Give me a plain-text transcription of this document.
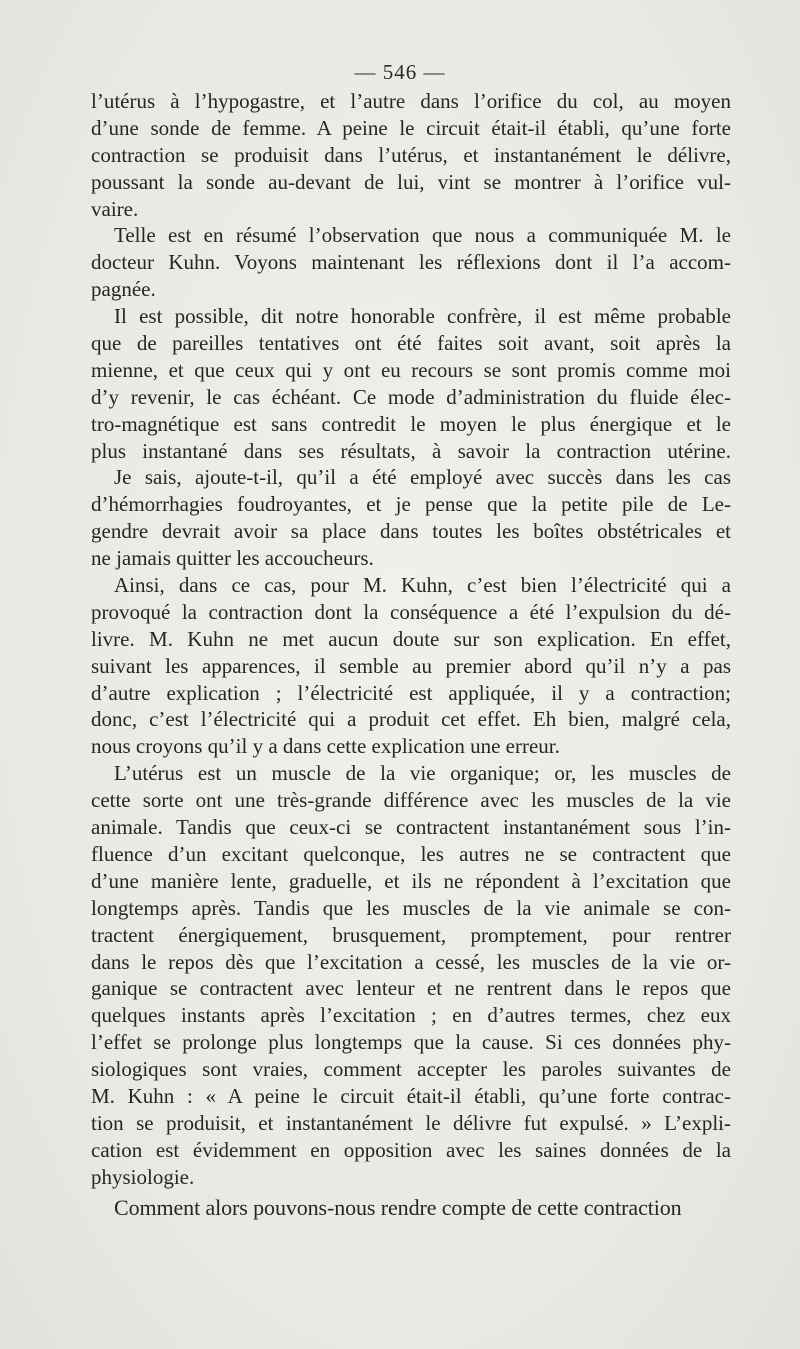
— 546 —
l’utérus à l’hypogastre, et l’autre dans l’orifice du col, au moyen
d’une sonde de femme. A peine le circuit était-il établi, qu’une forte
contraction se produisit dans l’utérus, et instantanément le délivre,
poussant la sonde au-devant de lui, vint se montrer à l’orifice vul-
vaire.
Telle est en résumé l’observation que nous a communiquée M. le
docteur Kuhn. Voyons maintenant les réflexions dont il l’a accom-
pagnée.
Il est possible, dit notre honorable confrère, il est même probable
que de pareilles tentatives ont été faites soit avant, soit après la
mienne, et que ceux qui y ont eu recours se sont promis comme moi
d’y revenir, le cas échéant. Ce mode d’administration du fluide élec-
tro-magnétique est sans contredit le moyen le plus énergique et le
plus instantané dans ses résultats, à savoir la contraction utérine.
Je sais, ajoute-t-il, qu’il a été employé avec succès dans les cas
d’hémorrhagies foudroyantes, et je pense que la petite pile de Le-
gendre devrait avoir sa place dans toutes les boîtes obstétricales et
ne jamais quitter les accoucheurs.
Ainsi, dans ce cas, pour M. Kuhn, c’est bien l’électricité qui a
provoqué la contraction dont la conséquence a été l’expulsion du dé-
livre. M. Kuhn ne met aucun doute sur son explication. En effet,
suivant les apparences, il semble au premier abord qu’il n’y a pas
d’autre explication ; l’électricité est appliquée, il y a contraction;
donc, c’est l’électricité qui a produit cet effet. Eh bien, malgré cela,
nous croyons qu’il y a dans cette explication une erreur.
L’utérus est un muscle de la vie organique; or, les muscles de
cette sorte ont une très-grande différence avec les muscles de la vie
animale. Tandis que ceux-ci se contractent instantanément sous l’in-
fluence d’un excitant quelconque, les autres ne se contractent que
d’une manière lente, graduelle, et ils ne répondent à l’excitation que
longtemps après. Tandis que les muscles de la vie animale se con-
tractent énergiquement, brusquement, promptement, pour rentrer
dans le repos dès que l’excitation a cessé, les muscles de la vie or-
ganique se contractent avec lenteur et ne rentrent dans le repos que
quelques instants après l’excitation ; en d’autres termes, chez eux
l’effet se prolonge plus longtemps que la cause. Si ces données phy-
siologiques sont vraies, comment accepter les paroles suivantes de
M. Kuhn : « A peine le circuit était-il établi, qu’une forte contrac-
tion se produisit, et instantanément le délivre fut expulsé. » L’expli-
cation est évidemment en opposition avec les saines données de la
physiologie.
Comment alors pouvons-nous rendre compte de cette contraction
